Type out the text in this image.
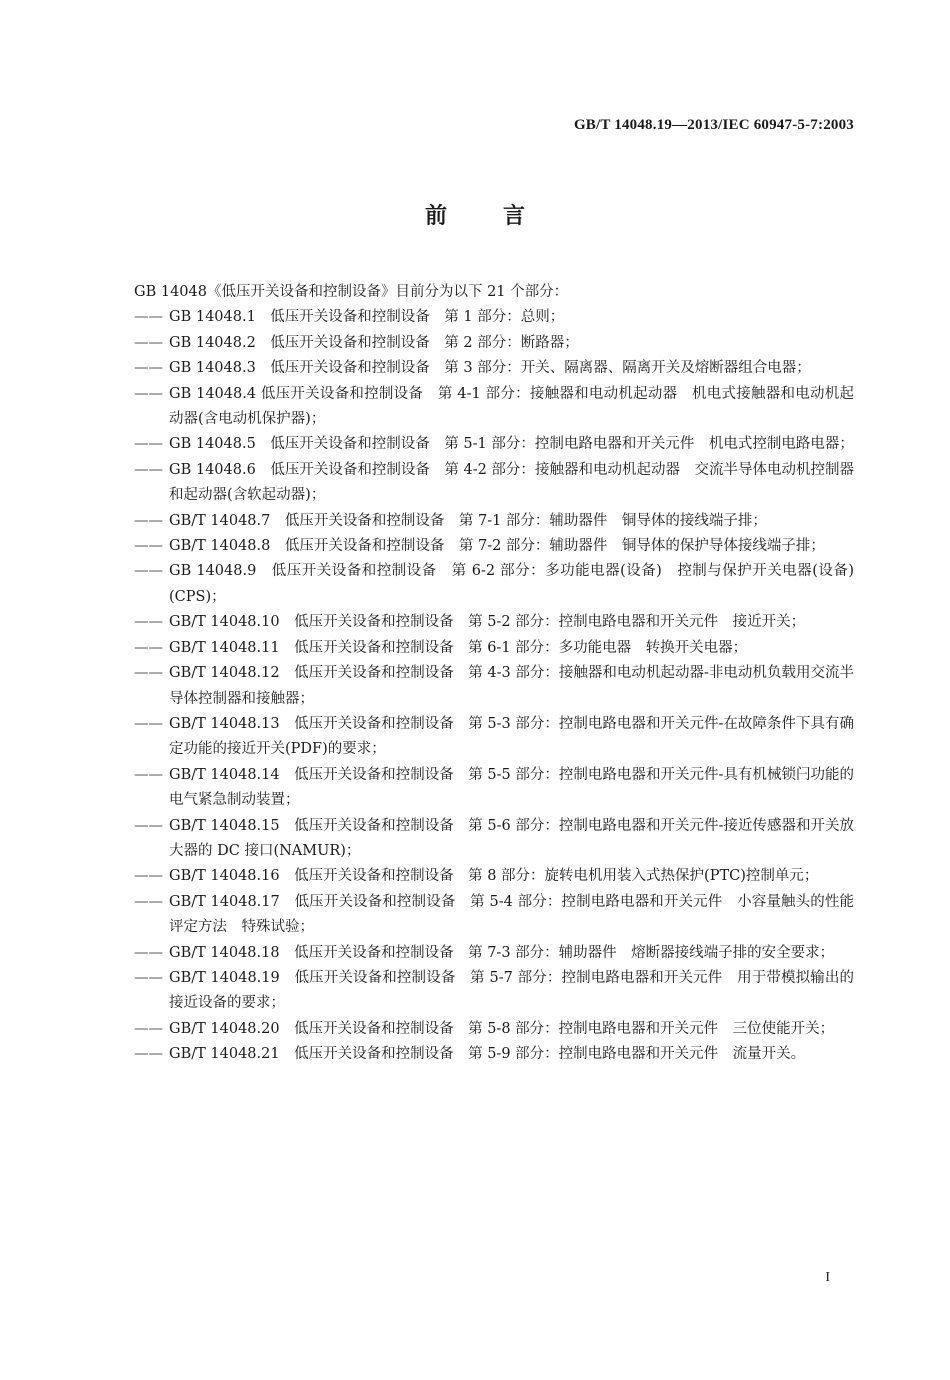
GB/T 14048.19—2013/IEC 60947-5-7:2003
前言

GB 14048《低压开关设备和控制设备》目前分为以下 21 个部分：

—— GB 14048.1　低压开关设备和控制设备　第 1 部分：总则；

—— GB 14048.2　低压开关设备和控制设备　第 2 部分：断路器；

—— GB 14048.3　低压开关设备和控制设备　第 3 部分：开关、隔离器、隔离开关及熔断器组合电器；

—— GB 14048.4 低压开关设备和控制设备　第 4-1 部分：接触器和电动机起动器　机电式接触器和电动机起动器(含电动机保护器)；

—— GB 14048.5　低压开关设备和控制设备　第 5-1 部分：控制电路电器和开关元件　机电式控制电路电器；

—— GB 14048.6　低压开关设备和控制设备　第 4-2 部分：接触器和电动机起动器　交流半导体电动机控制器和起动器(含软起动器)；

—— GB/T 14048.7　低压开关设备和控制设备　第 7-1 部分：辅助器件　铜导体的接线端子排；

—— GB/T 14048.8　低压开关设备和控制设备　第 7-2 部分：辅助器件　铜导体的保护导体接线端子排；

—— GB 14048.9　低压开关设备和控制设备　第 6-2 部分：多功能电器(设备)　控制与保护开关电器(设备)(CPS)；

—— GB/T 14048.10　低压开关设备和控制设备　第 5-2 部分：控制电路电器和开关元件　接近开关；

—— GB/T 14048.11　低压开关设备和控制设备　第 6-1 部分：多功能电器　转换开关电器；

—— GB/T 14048.12　低压开关设备和控制设备　第 4-3 部分：接触器和电动机起动器-非电动机负载用交流半导体控制器和接触器；

—— GB/T 14048.13　低压开关设备和控制设备　第 5-3 部分：控制电路电器和开关元件-在故障条件下具有确定功能的接近开关(PDF)的要求；

—— GB/T 14048.14　低压开关设备和控制设备　第 5-5 部分：控制电路电器和开关元件-具有机械锁闩功能的电气紧急制动装置；

—— GB/T 14048.15　低压开关设备和控制设备　第 5-6 部分：控制电路电器和开关元件-接近传感器和开关放大器的 DC 接口(NAMUR)；

—— GB/T 14048.16　低压开关设备和控制设备　第 8 部分：旋转电机用装入式热保护(PTC)控制单元；

—— GB/T 14048.17　低压开关设备和控制设备　第 5-4 部分：控制电路电器和开关元件　小容量触头的性能评定方法　特殊试验；

—— GB/T 14048.18　低压开关设备和控制设备　第 7-3 部分：辅助器件　熔断器接线端子排的安全要求；

—— GB/T 14048.19　低压开关设备和控制设备　第 5-7 部分：控制电路电器和开关元件　用于带模拟输出的接近设备的要求；

—— GB/T 14048.20　低压开关设备和控制设备　第 5-8 部分：控制电路电器和开关元件　三位使能开关；

—— GB/T 14048.21　低压开关设备和控制设备　第 5-9 部分：控制电路电器和开关元件　流量开关。

I
